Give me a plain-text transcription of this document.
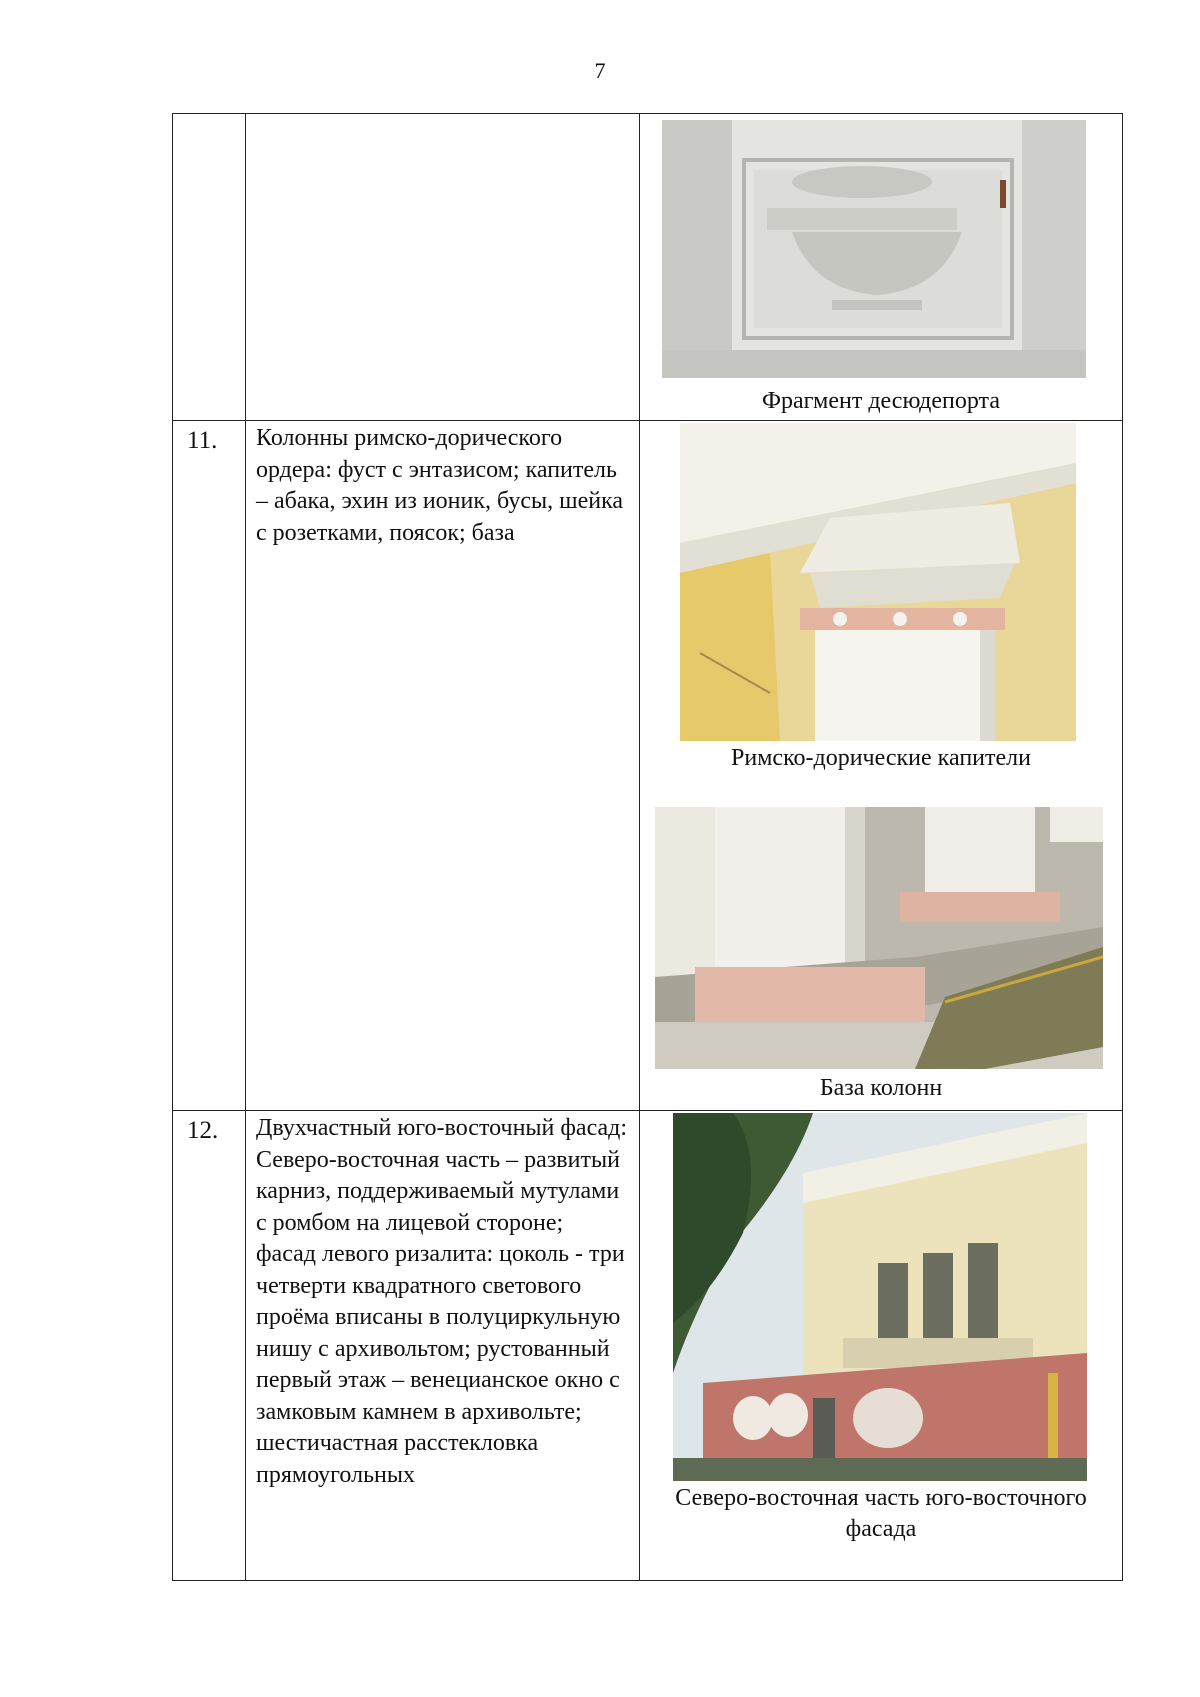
7

		Фрагмент десюдепорта

11.	Колонны римско-дорического ордера: фуст с энтазисом; капитель – абака, эхин из ионик, бусы, шейка с розетками, поясок; база	Римско-дорические капители
База колонн

12.	Двухчастный юго-восточный фасад: Северо-восточная часть – развитый карниз, поддерживаемый мутулами с ромбом на лицевой стороне; фасад левого ризалита: цоколь - три четверти квадратного светового проёма вписаны в полуциркульную нишу с архивольтом; рустованный первый этаж – венецианское окно с замковым камнем в архивольте; шестичастная расстекловка прямоугольных	Северо-восточная часть юго-восточного фасада
